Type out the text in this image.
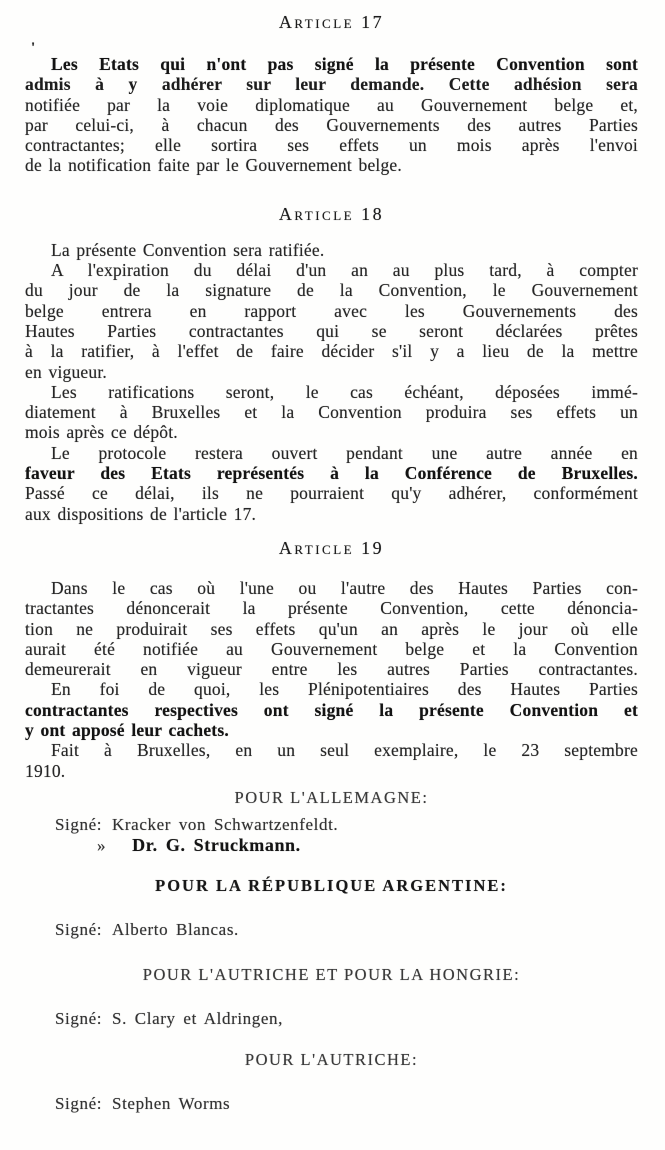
'
Article 17
Les Etats qui n'ont pas signé la présente Convention sont
admis à y adhérer sur leur demande. Cette adhésion sera
notifiée par la voie diplomatique au Gouvernement belge et,
par celui-ci, à chacun des Gouvernements des autres Parties
contractantes; elle sortira ses effets un mois après l'envoi
de la notification faite par le Gouvernement belge.
Article 18
La présente Convention sera ratifiée.
A l'expiration du délai d'un an au plus tard, à compter
du jour de la signature de la Convention, le Gouvernement
belge entrera en rapport avec les Gouvernements des
Hautes Parties contractantes qui se seront déclarées prêtes
à la ratifier, à l'effet de faire décider s'il y a lieu de la mettre
en vigueur.
Les ratifications seront, le cas échéant, déposées immé-
diatement à Bruxelles et la Convention produira ses effets un
mois après ce dépôt.
Le protocole restera ouvert pendant une autre année en
faveur des Etats représentés à la Conférence de Bruxelles.
Passé ce délai, ils ne pourraient qu'y adhérer, conformément
aux dispositions de l'article 17.
Article 19
Dans le cas où l'une ou l'autre des Hautes Parties con-
tractantes dénoncerait la présente Convention, cette dénoncia-
tion ne produirait ses effets qu'un an après le jour où elle
aurait été notifiée au Gouvernement belge et la Convention
demeurerait en vigueur entre les autres Parties contractantes.
En foi de quoi, les Plénipotentiaires des Hautes Parties
contractantes respectives ont signé la présente Convention et
y ont apposé leur cachets.
Fait à Bruxelles, en un seul exemplaire, le 23 septembre
1910.
POUR L'ALLEMAGNE:
Signé: Kracker von Schwartzenfeldt.
» Dr. G. Struckmann.
POUR LA RÉPUBLIQUE ARGENTINE:
Signé: Alberto Blancas.
POUR L'AUTRICHE ET POUR LA HONGRIE:
Signé: S. Clary et Aldringen,
POUR L'AUTRICHE:
Signé: Stephen Worms
